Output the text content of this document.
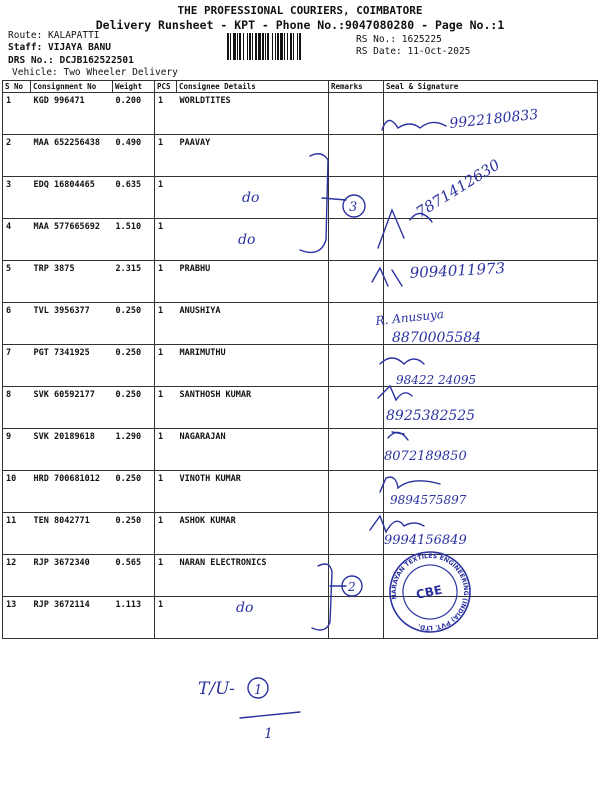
THE PROFESSIONAL COURIERS, COIMBATORE
Delivery Runsheet - KPT - Phone No.:9047080280 - Page No.:1
Route: KALAPATTI
Staff: VIJAYA BANU
DRS No.: DCJB162522501
Vehicle: Two Wheeler Delivery
RS No.: 1625225
RS Date: 11-Oct-2025
S No	Consignment No	Weight	PCS	Consignee Details	Remarks	Seal & Signature
1	KGD 996471	0.200	1	WORLDTITES		
2	MAA 652256438	0.490	1	PAAVAY		
3	EDQ 16804465	0.635	1			
4	MAA 577665692	1.510	1			
5	TRP 3875	2.315	1	PRABHU		
6	TVL 3956377	0.250	1	ANUSHIYA		
7	PGT 7341925	0.250	1	MARIMUTHU		
8	SVK 60592177	0.250	1	SANTHOSH KUMAR		
9	SVK 20189618	1.290	1	NAGARAJAN		
10	HRD 700681012	0.250	1	VINOTH KUMAR		
11	TEN 8042771	0.250	1	ASHOK KUMAR		
12	RJP 3672340	0.565	1	NARAN ELECTRONICS		
13	RJP 3672114	1.113	1			
do
do
do
3
2
9922180833
7871412630
9094011973
R. Anusuya
8870005584
98422 24095
8925382525
8072189850
9894575897
9994156849
T/U- 1
1
NARAYAN TEXTILES ENGINEERING (INDIA) PVT. LTD.
CBE
